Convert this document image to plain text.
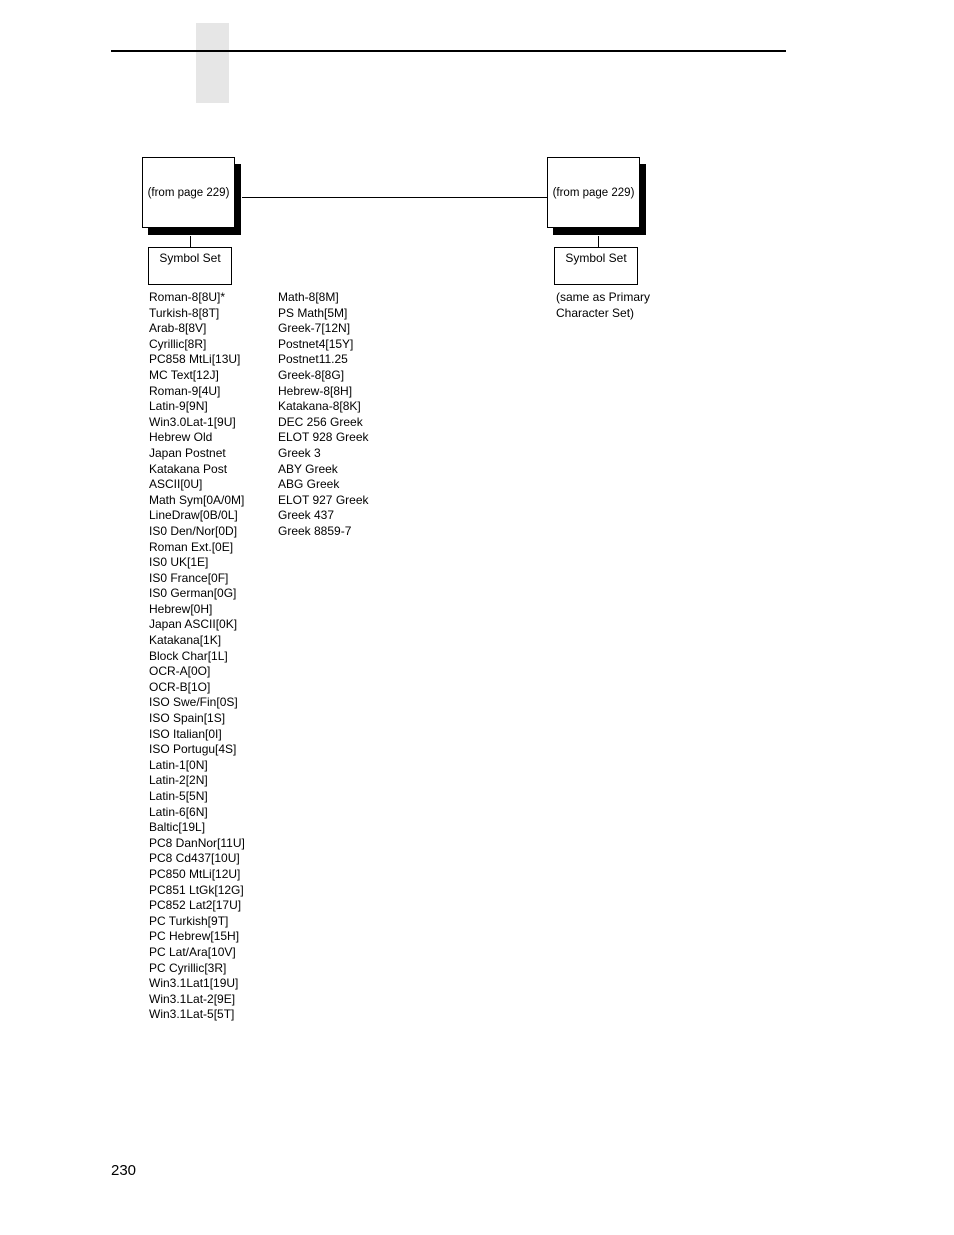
(from page 229)	(from page 229)
Symbol Set	Symbol Set
Roman-8[8U]*
Turkish-8[8T]
Arab-8[8V]
Cyrillic[8R]
PC858 MtLi[13U]
MC Text[12J]
Roman-9[4U]
Latin-9[9N]
Win3.0Lat-1[9U]
Hebrew Old
Japan Postnet
Katakana Post
ASCII[0U]
Math Sym[0A/0M]
LineDraw[0B/0L]
IS0 Den/Nor[0D]
Roman Ext.[0E]
IS0 UK[1E]
IS0 France[0F]
IS0 German[0G]
Hebrew[0H]
Japan ASCII[0K]
Katakana[1K]
Block Char[1L]
OCR-A[0O]
OCR-B[1O]
ISO Swe/Fin[0S]
ISO Spain[1S]
ISO Italian[0I]
ISO Portugu[4S]
Latin-1[0N]
Latin-2[2N]
Latin-5[5N]
Latin-6[6N]
Baltic[19L]
PC8 DanNor[11U]
PC8 Cd437[10U]
PC850 MtLi[12U]
PC851 LtGk[12G]
PC852 Lat2[17U]
PC Turkish[9T]
PC Hebrew[15H]
PC Lat/Ara[10V]
PC Cyrillic[3R]
Win3.1Lat1[19U]
Win3.1Lat-2[9E]
Win3.1Lat-5[5T]
Math-8[8M]
PS Math[5M]
Greek-7[12N]
Postnet4[15Y]
Postnet11.25
Greek-8[8G]
Hebrew-8[8H]
Katakana-8[8K]
DEC 256 Greek
ELOT 928 Greek
Greek 3
ABY Greek
ABG Greek
ELOT 927 Greek
Greek 437
Greek 8859-7
(same as Primary
Character Set)
230
